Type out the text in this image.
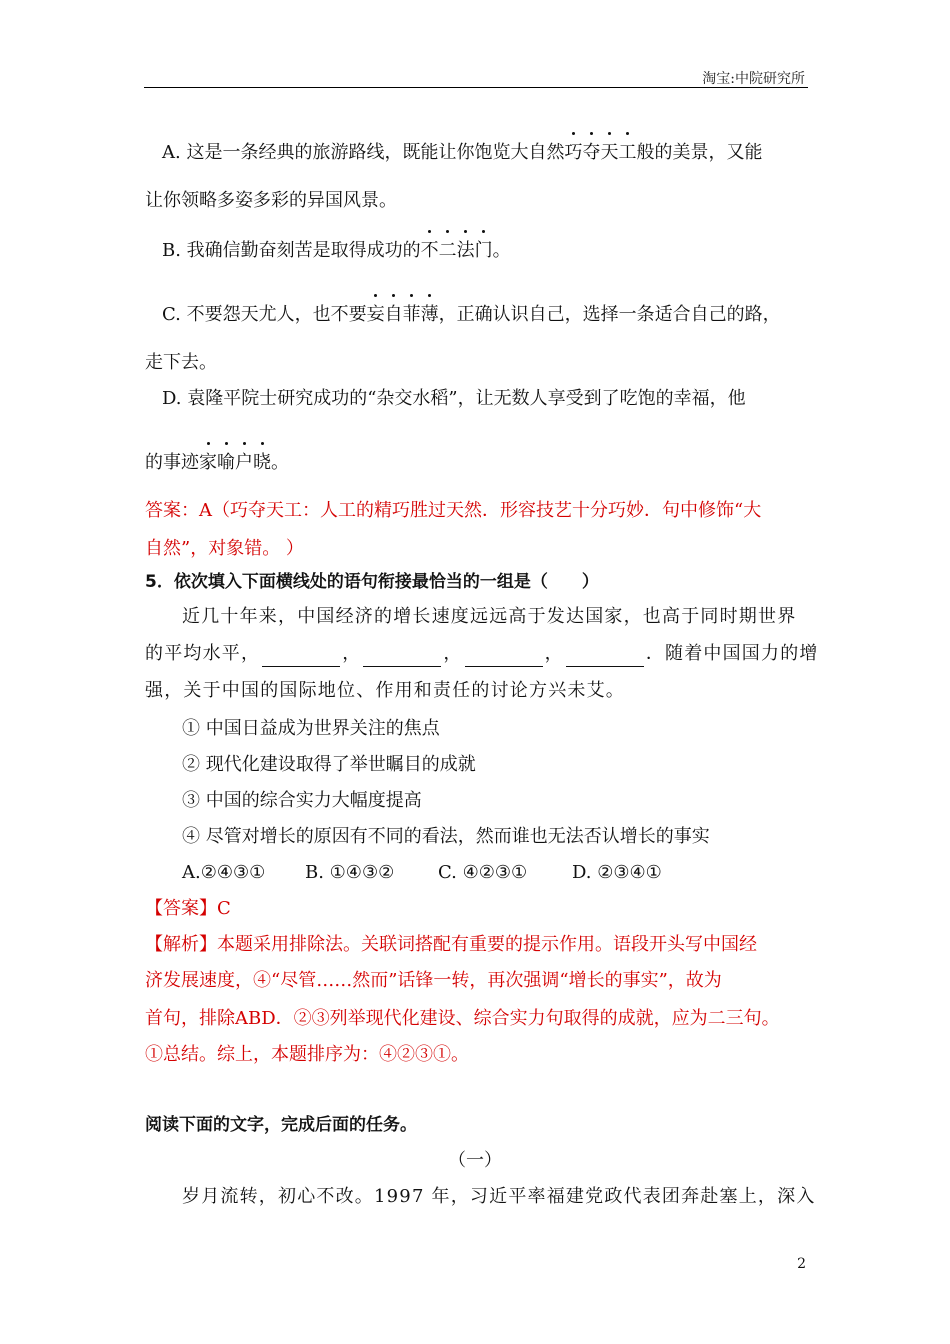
淘宝:中院研究所
A. 这是一条经典的旅游路线，既能让你饱览大自然巧夺天工般的美景，又能
让你领略多姿多彩的异国风景。
B. 我确信勤奋刻苦是取得成功的不二法门。
C. 不要怨天尤人，也不要妄自菲薄，正确认识自己，选择一条适合自己的路，
走下去。
D. 袁隆平院士研究成功的“杂交水稻”，让无数人享受到了吃饱的幸福，他
的事迹家喻户晓。
答案：A（巧夺天工：人工的精巧胜过天然．形容技艺十分巧妙．句中修饰“大
自然”，对象错。 ）
5．依次填入下面横线处的语句衔接最恰当的一组是（　　）
近几十年来，中国经济的增长速度远远高于发达国家，也高于同时期世界
的平均水平，	，	，	，	．随着中国国力的增
强，关于中国的国际地位、作用和责任的讨论方兴未艾。
① 中国日益成为世界关注的焦点
② 现代化建设取得了举世瞩目的成就
③ 中国的综合实力大幅度提高
④ 尽管对增长的原因有不同的看法，然而谁也无法否认增长的事实
A.②④③① B. ①④③② C. ④②③① D. ②③④①
【答案】C
【解析】本题采用排除法。关联词搭配有重要的提示作用。语段开头写中国经
济发展速度，④“尽管……然而”话锋一转，再次强调“增长的事实”，故为
首句，排除ABD．②③列举现代化建设、综合实力句取得的成就，应为二三句。
①总结。综上，本题排序为：④②③①。
阅读下面的文字，完成后面的任务。
（一）
岁月流转，初心不改。1997 年，习近平率福建党政代表团奔赴塞上，深入
2
